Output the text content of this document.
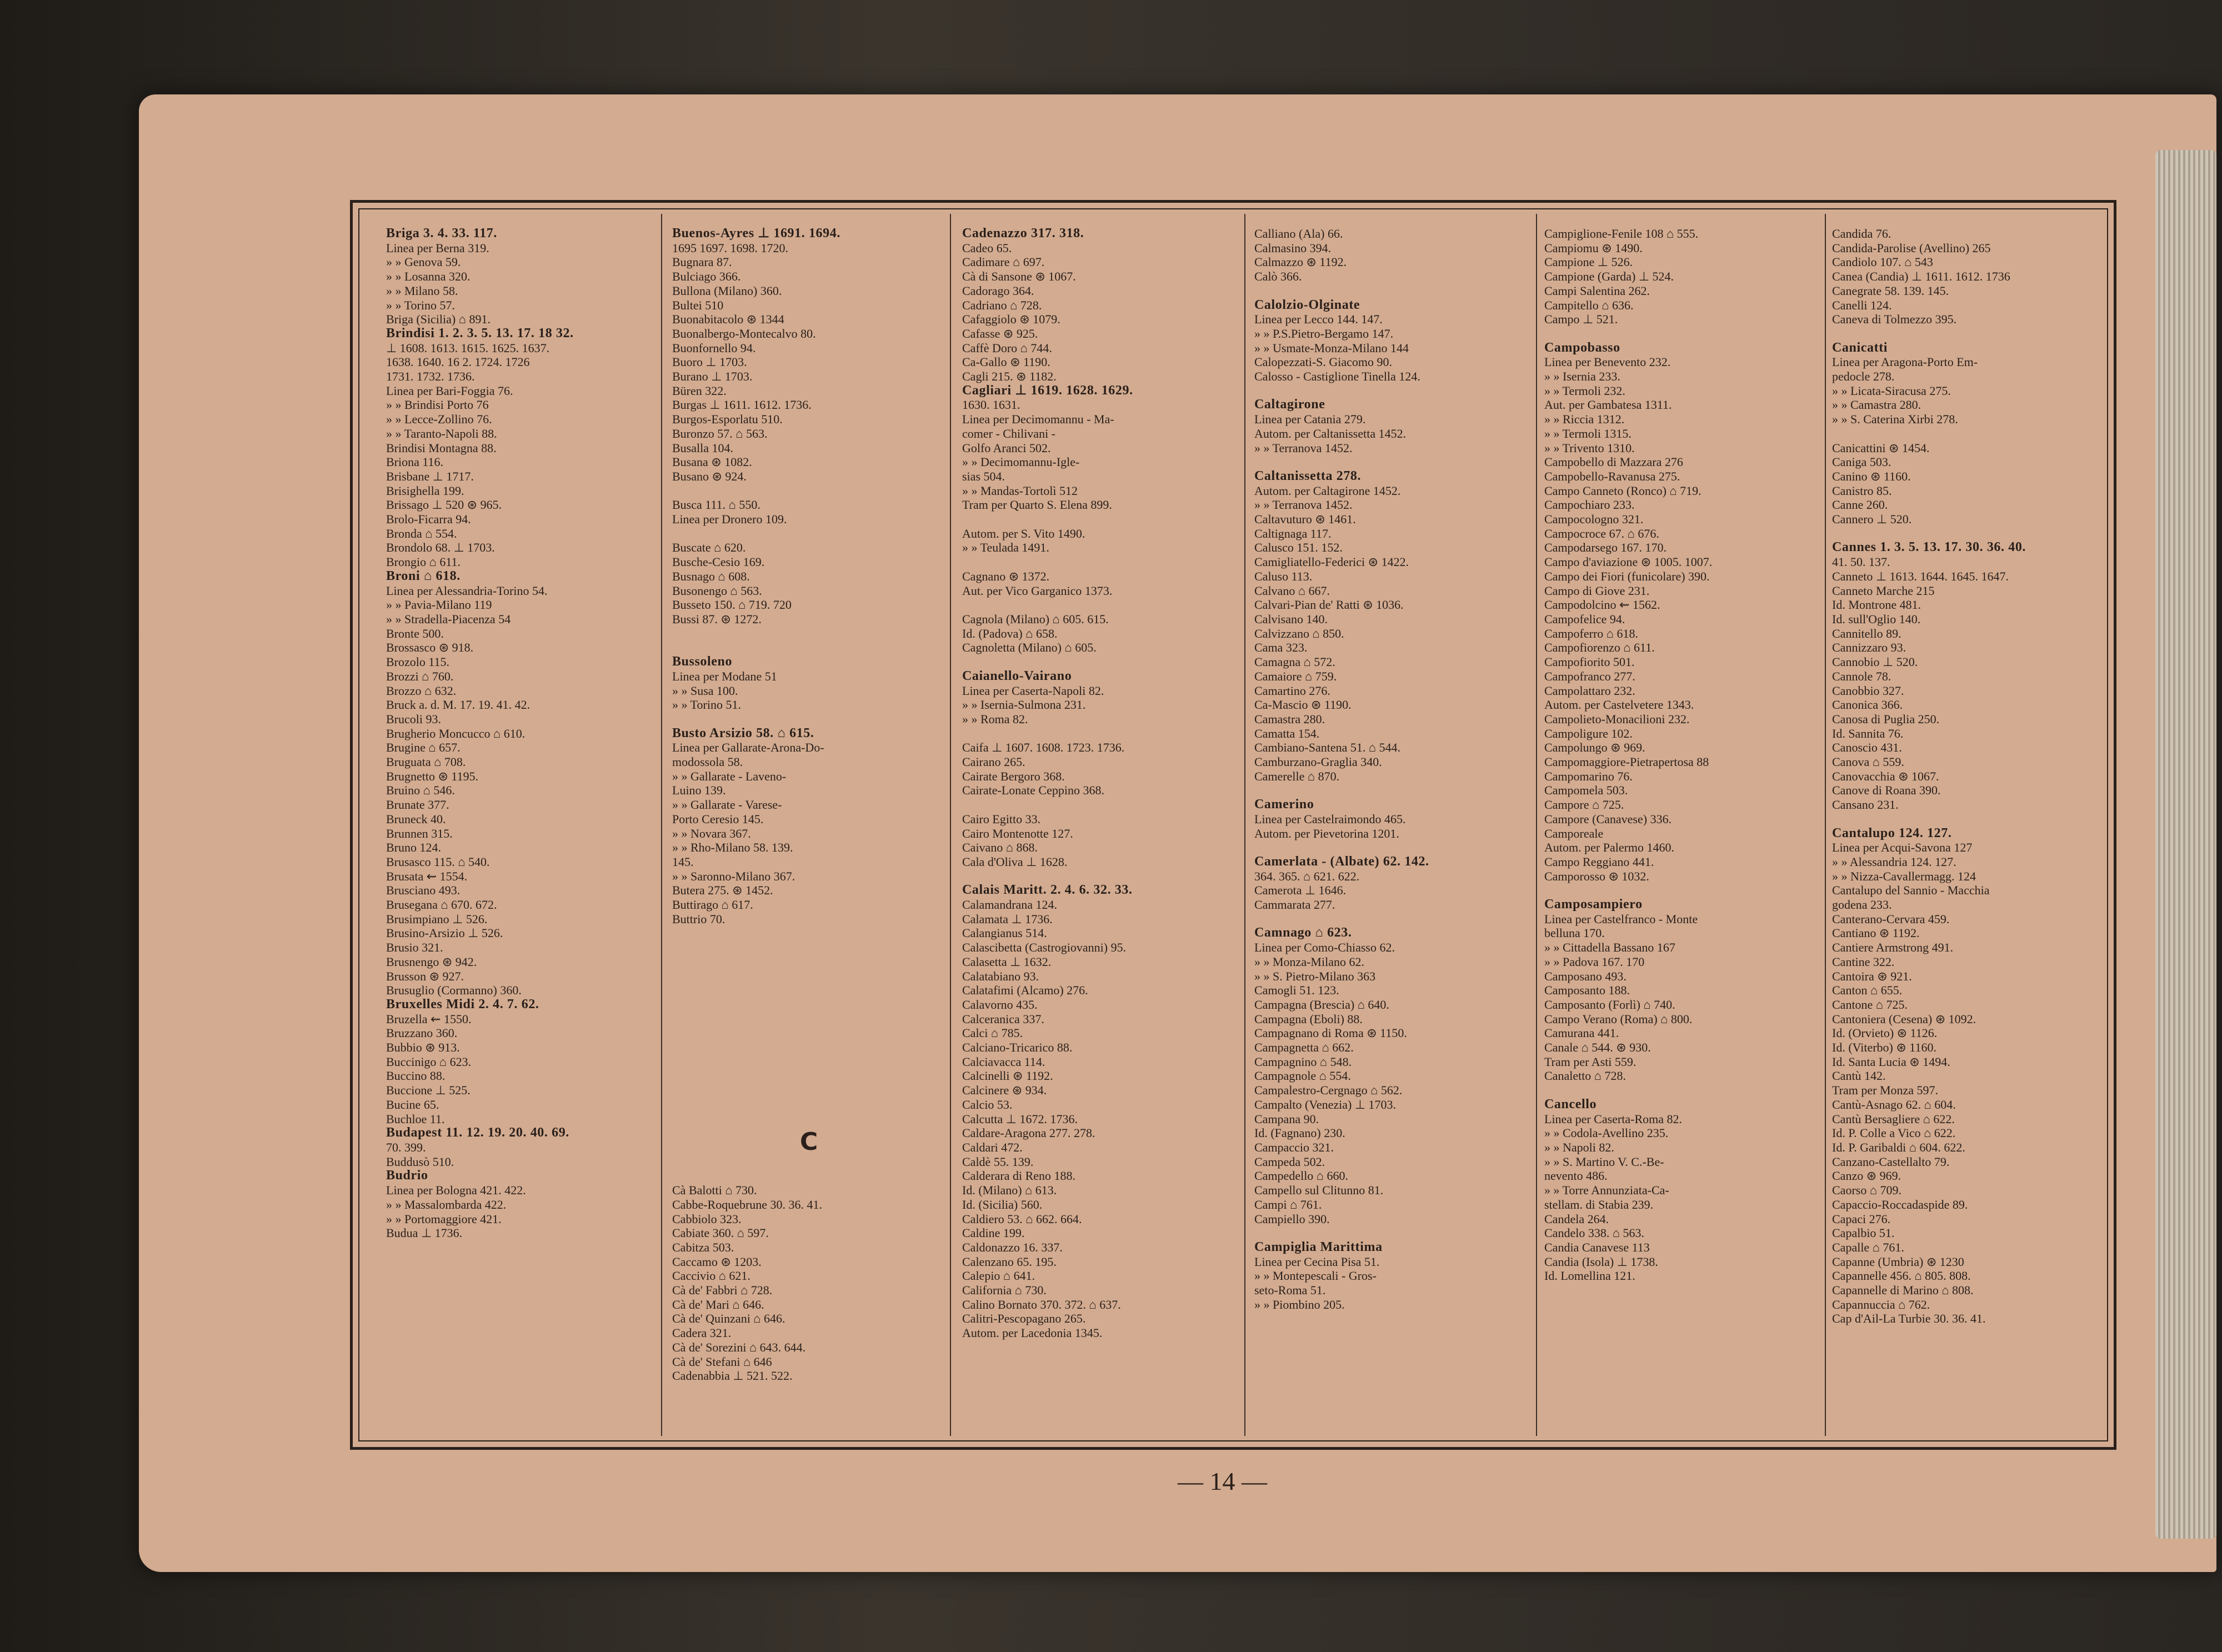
Briga 3. 4. 33. 117.
Linea per Berna 319.
» » Genova 59.
» » Losanna 320.
» » Milano 58.
» » Torino 57.
Briga (Sicilia) ⌂ 891.
Brindisi 1. 2. 3. 5. 13. 17. 18 32.
⊥ 1608. 1613. 1615. 1625. 1637.
1638. 1640. 16 2. 1724. 1726
1731. 1732. 1736.
Linea per Bari-Foggia 76.
» » Brindisi Porto 76
» » Lecce-Zollino 76.
» » Taranto-Napoli 88.
Brindisi Montagna 88.
Briona 116.
Brisbane ⊥ 1717.
Brisighella 199.
Brissago ⊥ 520 ⊛ 965.
Brolo-Ficarra 94.
Bronda ⌂ 554.
Brondolo 68. ⊥ 1703.
Brongio ⌂ 611.
Broni ⌂ 618.
Linea per Alessandria-Torino 54.
» » Pavia-Milano 119
» » Stradella-Piacenza 54
Bronte 500.
Brossasco ⊛ 918.
Brozolo 115.
Brozzi ⌂ 760.
Brozzo ⌂ 632.
Bruck a. d. M. 17. 19. 41. 42.
Brucoli 93.
Brugherio Moncucco ⌂ 610.
Brugine ⌂ 657.
Bruguata ⌂ 708.
Brugnetto ⊛ 1195.
Bruino ⌂ 546.
Brunate 377.
Bruneck 40.
Brunnen 315.
Bruno 124.
Brusasco 115. ⌂ 540.
Brusata ⇜ 1554.
Brusciano 493.
Brusegana ⌂ 670. 672.
Brusimpiano ⊥ 526.
Brusino-Arsizio ⊥ 526.
Brusio 321.
Brusnengo ⊛ 942.
Brusson ⊛ 927.
Brusuglio (Cormanno) 360.
Bruxelles Midi 2. 4. 7. 62.
Bruzella ⇜ 1550.
Bruzzano 360.
Bubbio ⊛ 913.
Buccinigo ⌂ 623.
Buccino 88.
Buccione ⊥ 525.
Bucine 65.
Buchloe 11.
Budapest 11. 12. 19. 20. 40. 69.
70. 399.
Buddusò 510.
Budrio
Linea per Bologna 421. 422.
» » Massalombarda 422.
» » Portomaggiore 421.
Budua ⊥ 1736.
Buenos-Ayres ⊥ 1691. 1694.
1695 1697. 1698. 1720.
Bugnara 87.
Bulciago 366.
Bullona (Milano) 360.
Bultei 510
Buonabitacolo ⊛ 1344
Buonalbergo-Montecalvo 80.
Buonfornello 94.
Buoro ⊥ 1703.
Burano ⊥ 1703.
Büren 322.
Burgas ⊥ 1611. 1612. 1736.
Burgos-Esporlatu 510.
Buronzo 57. ⌂ 563.
Busalla 104.
Busana ⊛ 1082.
Busano ⊛ 924.

Busca 111. ⌂ 550.
Linea per Dronero 109.

Buscate ⌂ 620.
Busche-Cesio 169.
Busnago ⌂ 608.
Busonengo ⌂ 563.
Busseto 150. ⌂ 719. 720
Bussi 87. ⊛ 1272.

Bussoleno
Linea per Modane 51
» » Susa 100.
» » Torino 51.

Busto Arsizio 58. ⌂ 615.
Linea per Gallarate-Arona-Do-
modossola 58.
» » Gallarate - Laveno-
Luino 139.
» » Gallarate - Varese-
Porto Ceresio 145.
» » Novara 367.
» » Rho-Milano 58. 139.
145.
» » Saronno-Milano 367.
Butera 275. ⊛ 1452.
Buttirago ⌂ 617.
Buttrio 70.

Cà Balotti ⌂ 730.
Cabbe-Roquebrune 30. 36. 41.
Cabbiolo 323.
Cabiate 360. ⌂ 597.
Cabitza 503.
Caccamo ⊛ 1203.
Caccivio ⌂ 621.
Cà de' Fabbri ⌂ 728.
Cà de' Mari ⌂ 646.
Cà de' Quinzani ⌂ 646.
Cadera 321.
Cà de' Sorezini ⌂ 643. 644.
Cà de' Stefani ⌂ 646
Cadenabbia ⊥ 521. 522.
Cadenazzo 317. 318.
Cadeo 65.
Cadimare ⌂ 697.
Cà di Sansone ⊛ 1067.
Cadorago 364.
Cadriano ⌂ 728.
Cafaggiolo ⊛ 1079.
Cafasse ⊛ 925.
Caffè Doro ⌂ 744.
Ca-Gallo ⊛ 1190.
Cagli 215. ⊛ 1182.
Cagliari ⊥ 1619. 1628. 1629.
1630. 1631.
Linea per Decimomannu - Ma-
comer - Chilivani -
Golfo Aranci 502.
» » Decimomannu-Igle-
sias 504.
» » Mandas-Tortolì 512
Tram per Quarto S. Elena 899.

Autom. per S. Vito 1490.
» » Teulada 1491.

Cagnano ⊛ 1372.
Aut. per Vico Garganico 1373.

Cagnola (Milano) ⌂ 605. 615.
Id. (Padova) ⌂ 658.
Cagnoletta (Milano) ⌂ 605.

Caianello-Vairano
Linea per Caserta-Napoli 82.
» » Isernia-Sulmona 231.
» » Roma 82.

Caifa ⊥ 1607. 1608. 1723. 1736.
Cairano 265.
Cairate Bergoro 368.
Cairate-Lonate Ceppino 368.

Cairo Egitto 33.
Cairo Montenotte 127.
Caivano ⌂ 868.
Cala d'Oliva ⊥ 1628.

Calais Maritt. 2. 4. 6. 32. 33.
Calamandrana 124.
Calamata ⊥ 1736.
Calangianus 514.
Calascibetta (Castrogiovanni) 95.
Calasetta ⊥ 1632.
Calatabiano 93.
Calatafimi (Alcamo) 276.
Calavorno 435.
Calceranica 337.
Calci ⌂ 785.
Calciano-Tricarico 88.
Calciavacca 114.
Calcinelli ⊛ 1192.
Calcinere ⊛ 934.
Calcio 53.
Calcutta ⊥ 1672. 1736.
Caldare-Aragona 277. 278.
Caldari 472.
Caldè 55. 139.
Calderara di Reno 188.
Id. (Milano) ⌂ 613.
Id. (Sicilia) 560.
Caldiero 53. ⌂ 662. 664.
Caldine 199.
Caldonazzo 16. 337.
Calenzano 65. 195.
Calepio ⌂ 641.
California ⌂ 730.
Calino Bornato 370. 372. ⌂ 637.
Calitri-Pescopagano 265.
Autom. per Lacedonia 1345.
Calliano (Ala) 66.
Calmasino 394.
Calmazzo ⊛ 1192.
Calò 366.

Calolzio-Olginate
Linea per Lecco 144. 147.
» » P.S.Pietro-Bergamo 147.
» » Usmate-Monza-Milano 144
Calopezzati-S. Giacomo 90.
Calosso - Castiglione Tinella 124.

Caltagirone
Linea per Catania 279.
Autom. per Caltanissetta 1452.
» » Terranova 1452.

Caltanissetta 278.
Autom. per Caltagirone 1452.
» » Terranova 1452.
Caltavuturo ⊛ 1461.
Caltignaga 117.
Calusco 151. 152.
Camigliatello-Federici ⊛ 1422.
Caluso 113.
Calvano ⌂ 667.
Calvari-Pian de' Ratti ⊛ 1036.
Calvisano 140.
Calvizzano ⌂ 850.
Cama 323.
Camagna ⌂ 572.
Camaiore ⌂ 759.
Camartino 276.
Ca-Mascio ⊛ 1190.
Camastra 280.
Camatta 154.
Cambiano-Santena 51. ⌂ 544.
Camburzano-Graglia 340.
Camerelle ⌂ 870.

Camerino
Linea per Castelraimondo 465.
Autom. per Pievetorina 1201.

Camerlata - (Albate) 62. 142.
364. 365. ⌂ 621. 622.
Camerota ⊥ 1646.
Cammarata 277.

Camnago ⌂ 623.
Linea per Como-Chiasso 62.
» » Monza-Milano 62.
» » S. Pietro-Milano 363
Camogli 51. 123.
Campagna (Brescia) ⌂ 640.
Campagna (Eboli) 88.
Campagnano di Roma ⊛ 1150.
Campagnetta ⌂ 662.
Campagnino ⌂ 548.
Campagnole ⌂ 554.
Campalestro-Cergnago ⌂ 562.
Campalto (Venezia) ⊥ 1703.
Campana 90.
Id. (Fagnano) 230.
Campaccio 321.
Campeda 502.
Campedello ⌂ 660.
Campello sul Clitunno 81.
Campi ⌂ 761.
Campiello 390.

Campiglia Marittima
Linea per Cecina Pisa 51.
» » Montepescali - Gros-
seto-Roma 51.
» » Piombino 205.
Campiglione-Fenile 108 ⌂ 555.
Campiomu ⊛ 1490.
Campione ⊥ 526.
Campione (Garda) ⊥ 524.
Campi Salentina 262.
Campitello ⌂ 636.
Campo ⊥ 521.

Campobasso
Linea per Benevento 232.
» » Isernia 233.
» » Termoli 232.
Aut. per Gambatesa 1311.
» » Riccia 1312.
» » Termoli 1315.
» » Trivento 1310.
Campobello di Mazzara 276
Campobello-Ravanusa 275.
Campo Canneto (Ronco) ⌂ 719.
Campochiaro 233.
Campocologno 321.
Campocroce 67. ⌂ 676.
Campodarsego 167. 170.
Campo d'aviazione ⊛ 1005. 1007.
Campo dei Fiori (funicolare) 390.
Campo di Giove 231.
Campodolcino ⇜ 1562.
Campofelice 94.
Campoferro ⌂ 618.
Campofiorenzo ⌂ 611.
Campofiorito 501.
Campofranco 277.
Campolattaro 232.
Autom. per Castelvetere 1343.
Campolieto-Monacilioni 232.
Campoligure 102.
Campolungo ⊛ 969.
Campomaggiore-Pietrapertosa 88
Campomarino 76.
Campomela 503.
Campore ⌂ 725.
Campore (Canavese) 336.
Camporeale
Autom. per Palermo 1460.
Campo Reggiano 441.
Camporosso ⊛ 1032.

Camposampiero
Linea per Castelfranco - Monte
belluna 170.
» » Cittadella Bassano 167
» » Padova 167. 170
Camposano 493.
Camposanto 188.
Camposanto (Forlì) ⌂ 740.
Campo Verano (Roma) ⌂ 800.
Camurana 441.
Canale ⌂ 544. ⊛ 930.
Tram per Asti 559.
Canaletto ⌂ 728.

Cancello
Linea per Caserta-Roma 82.
» » Codola-Avellino 235.
» » Napoli 82.
» » S. Martino V. C.-Be-
nevento 486.
» » Torre Annunziata-Ca-
stellam. di Stabia 239.
Candela 264.
Candelo 338. ⌂ 563.
Candia Canavese 113
Candia (Isola) ⊥ 1738.
Id. Lomellina 121.
Candida 76.
Candida-Parolise (Avellino) 265
Candiolo 107. ⌂ 543
Canea (Candia) ⊥ 1611. 1612. 1736
Canegrate 58. 139. 145.
Canelli 124.
Caneva di Tolmezzo 395.

Canicatti
Linea per Aragona-Porto Em-
pedocle 278.
» » Licata-Siracusa 275.
» » Camastra 280.
» » S. Caterina Xirbi 278.

Canicattini ⊛ 1454.
Caniga 503.
Canino ⊛ 1160.
Canistro 85.
Canne 260.
Cannero ⊥ 520.

Cannes 1. 3. 5. 13. 17. 30. 36. 40.
41. 50. 137.
Canneto ⊥ 1613. 1644. 1645. 1647.
Canneto Marche 215
Id. Montrone 481.
Id. sull'Oglio 140.
Cannitello 89.
Cannizzaro 93.
Cannobio ⊥ 520.
Cannole 78.
Canobbio 327.
Canonica 366.
Canosa di Puglia 250.
Id. Sannita 76.
Canoscio 431.
Canova ⌂ 559.
Canovacchia ⊛ 1067.
Canove di Roana 390.
Cansano 231.

Cantalupo 124. 127.
Linea per Acqui-Savona 127
» » Alessandria 124. 127.
» » Nizza-Cavallermagg. 124
Cantalupo del Sannio - Macchia
godena 233.
Canterano-Cervara 459.
Cantiano ⊛ 1192.
Cantiere Armstrong 491.
Cantine 322.
Cantoira ⊛ 921.
Canton ⌂ 655.
Cantone ⌂ 725.
Cantoniera (Cesena) ⊛ 1092.
Id. (Orvieto) ⊛ 1126.
Id. (Viterbo) ⊛ 1160.
Id. Santa Lucia ⊛ 1494.
Cantù 142.
Tram per Monza 597.
Cantù-Asnago 62. ⌂ 604.
Cantù Bersagliere ⌂ 622.
Id. P. Colle a Vico ⌂ 622.
Id. P. Garibaldi ⌂ 604. 622.
Canzano-Castellalto 79.
Canzo ⊛ 969.
Caorso ⌂ 709.
Capaccio-Roccadaspide 89.
Capaci 276.
Capalbio 51.
Capalle ⌂ 761.
Capanne (Umbria) ⊛ 1230
Capannelle 456. ⌂ 805. 808.
Capannelle di Marino ⌂ 808.
Capannuccia ⌂ 762.
Cap d'Ail-La Turbie 30. 36. 41.
C
— 14 —
